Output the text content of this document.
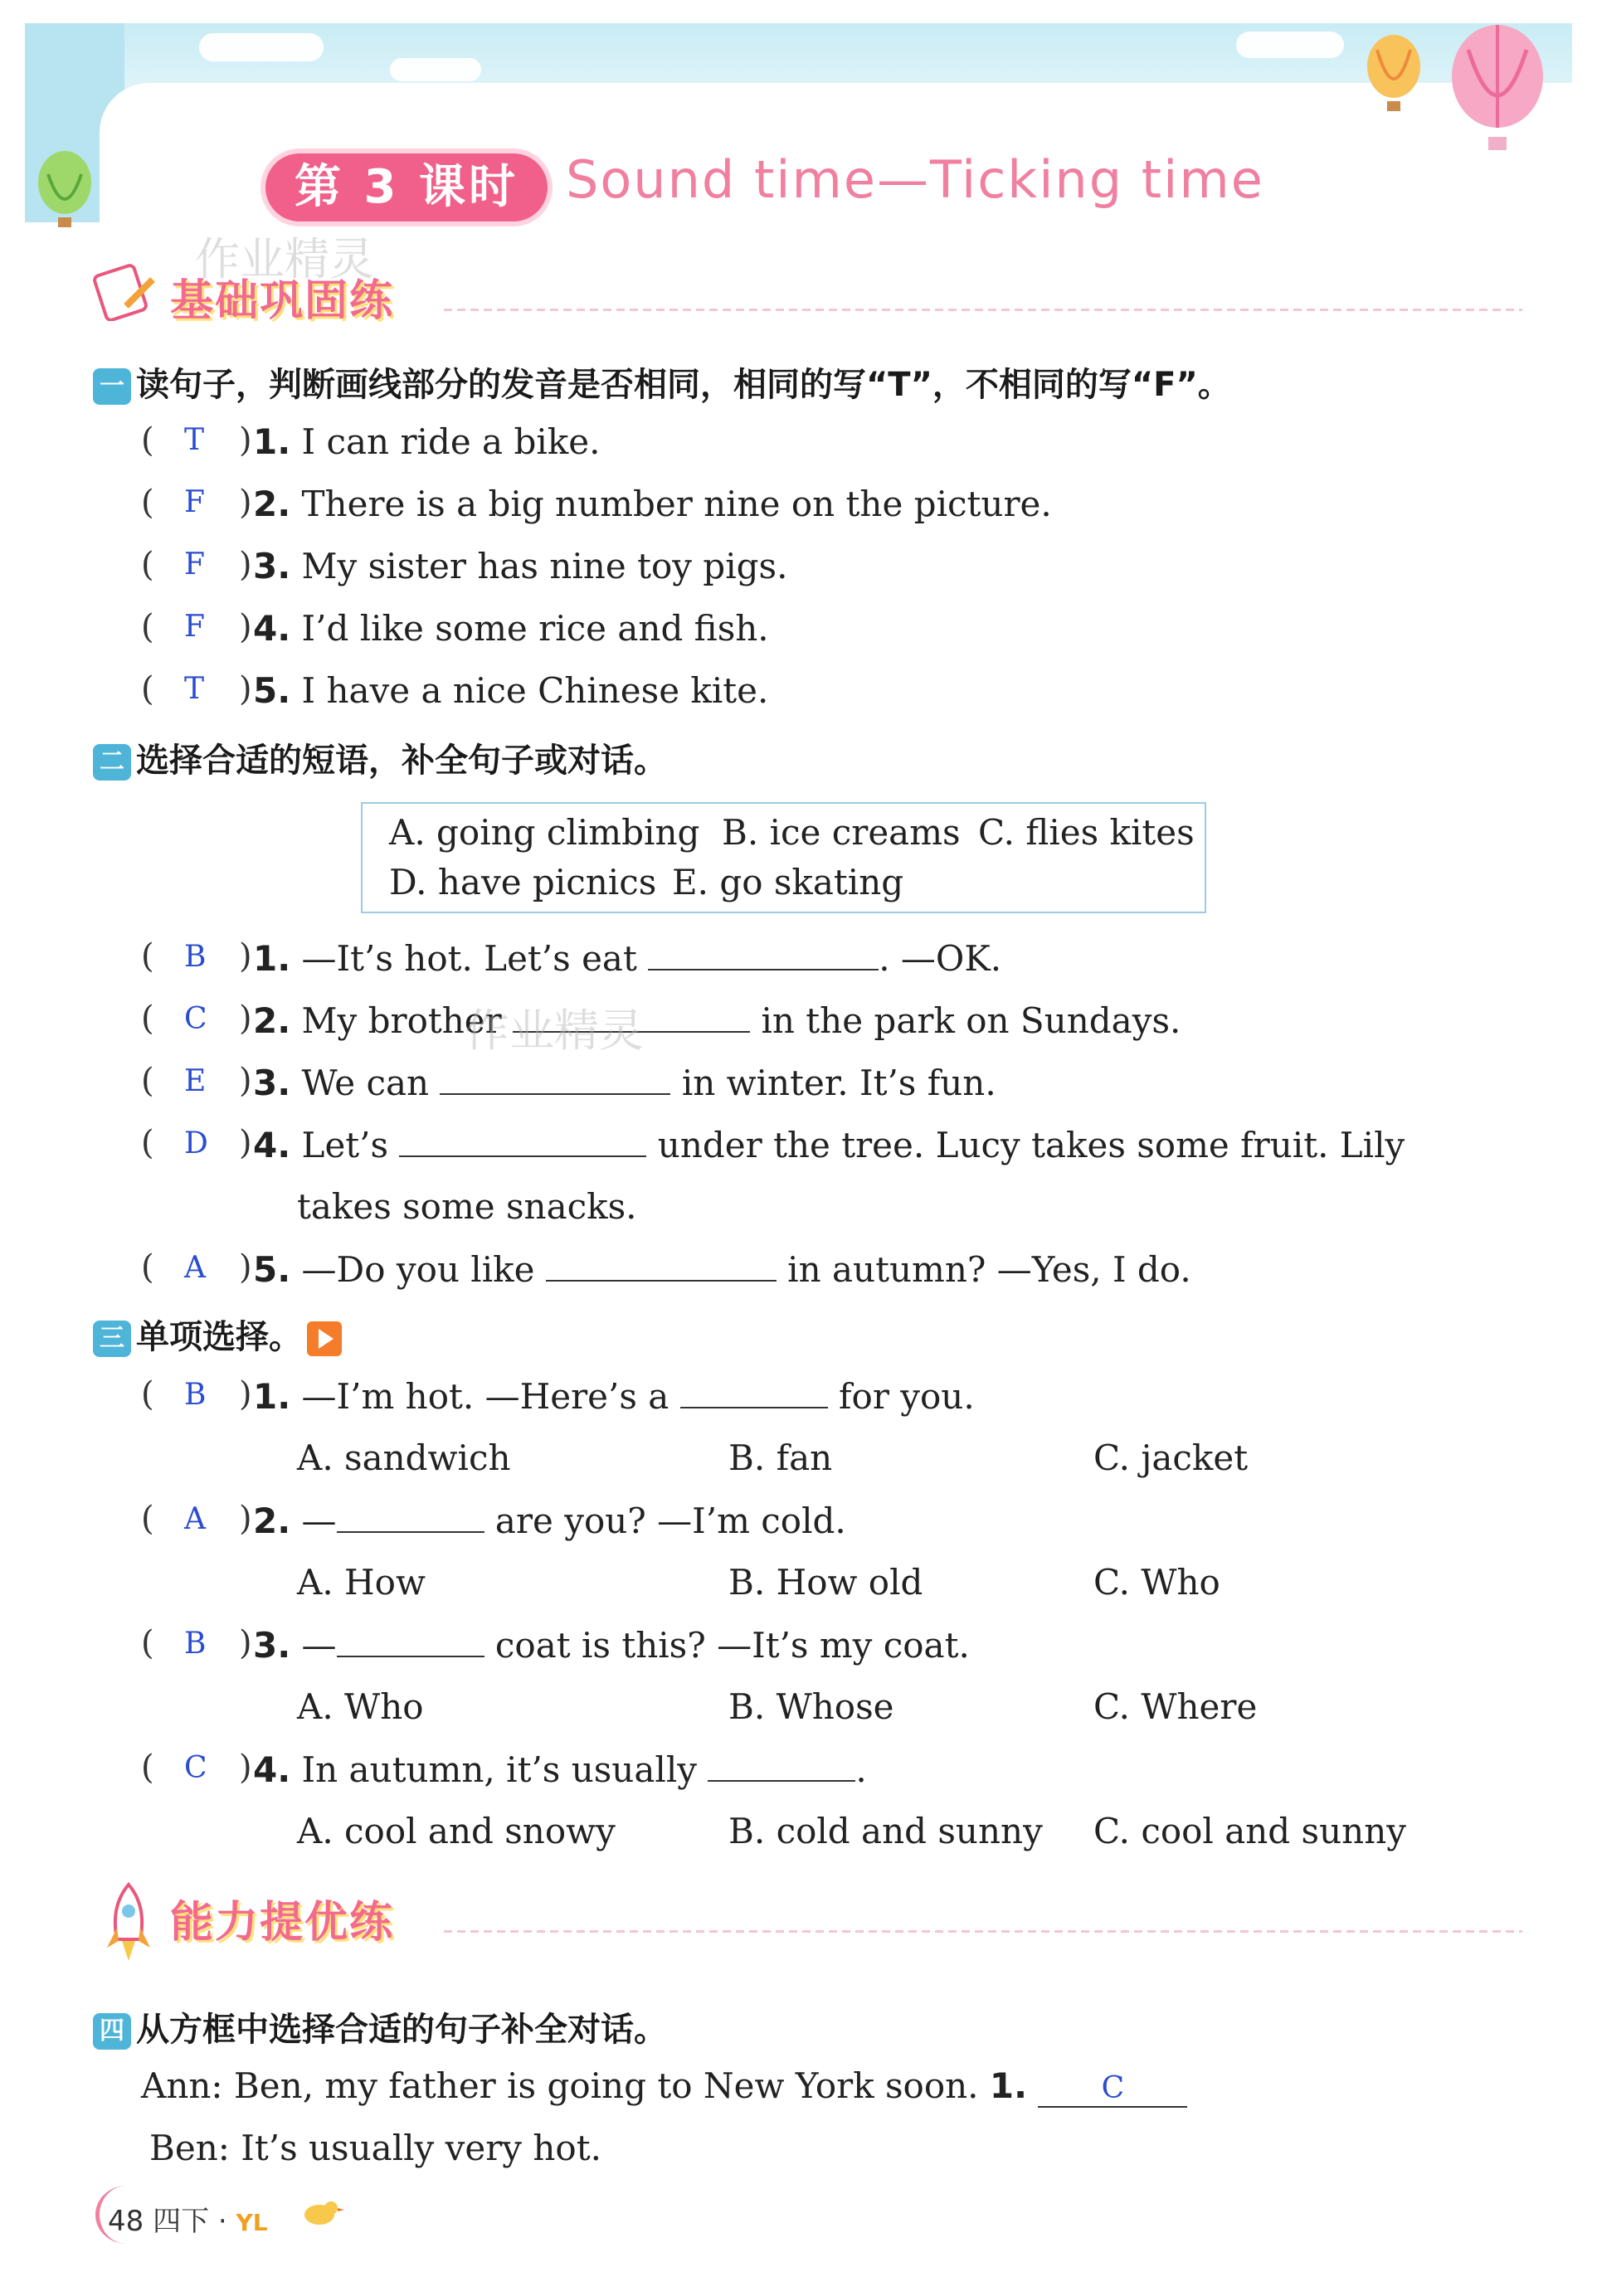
第 3 课时 Sound time—Ticking time
作业精灵
基础巩固练
一 读句子，判断画线部分的发音是否相同，相同的写“T”，不相同的写“F”。
( T ) 1. I can ride a bike.
( F ) 2. There is a big number nine on the picture.
( F ) 3. My sister has nine toy pigs.
( F ) 4. I’d like some rice and fish.
( T ) 5. I have a nice Chinese kite.
二 选择合适的短语，补全句子或对话。
A. going climbing B. ice creams C. flies kites
D. have picnics E. go skating
( B ) 1. —It’s hot. Let’s eat	. —OK.
( C ) 2. My brother	in the park on Sundays.
作业精灵
( E ) 3. We can	in winter. It’s fun.
( D ) 4. Let’s	under the tree. Lucy takes some fruit. Lily
takes some snacks.
( A ) 5. —Do you like	in autumn? —Yes, I do.
三 单项选择。
( B ) 1. —I’m hot. —Here’s a	for you.
A. sandwich	B. fan	C. jacket
( A ) 2. —	are you? —I’m cold.
A. How	B. How old	C. Who
( B ) 3. —	coat is this? —It’s my coat.
A. Who	B. Whose	C. Where
( C ) 4. In autumn, it’s usually	.
A. cool and snowy	B. cold and sunny C. cool and sunny
能力提优练
四 从方框中选择合适的句子补全对话。
Ann: Ben, my father is going to New York soon. 1. C
Ben: It’s usually very hot.
48 四下 · YL
